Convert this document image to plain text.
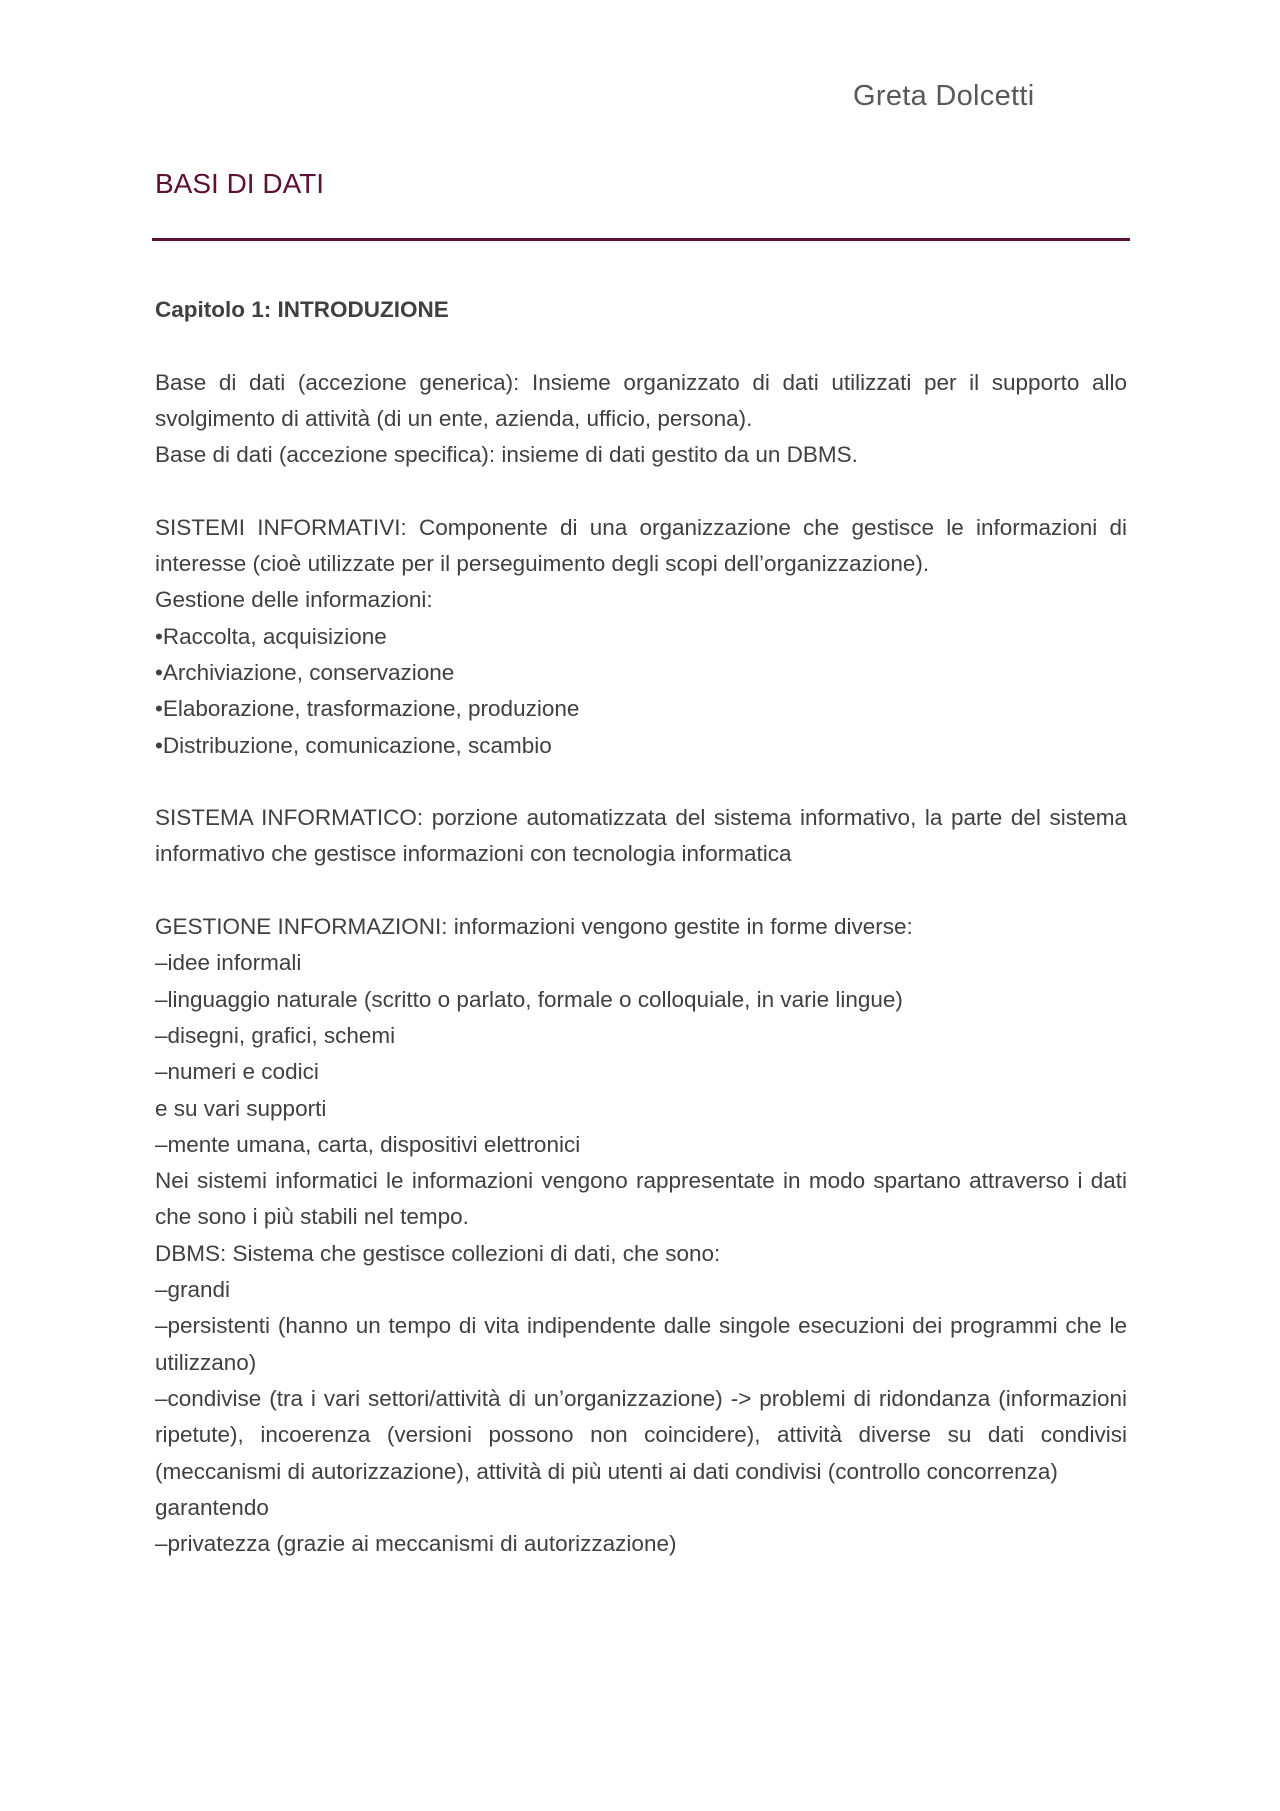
Greta Dolcetti
BASI DI DATI

Capitolo 1: INTRODUZIONE

Base di dati (accezione generica): Insieme organizzato di dati utilizzati per il supporto allo svolgimento di attività (di un ente, azienda, ufficio, persona).

Base di dati (accezione specifica): insieme di dati gestito da un DBMS.

SISTEMI INFORMATIVI: Componente di una organizzazione che gestisce le informazioni di interesse (cioè utilizzate per il perseguimento degli scopi dell’organizzazione).

Gestione delle informazioni:

•Raccolta, acquisizione

•Archiviazione, conservazione

•Elaborazione, trasformazione, produzione

•Distribuzione, comunicazione, scambio

SISTEMA INFORMATICO: porzione automatizzata del sistema informativo, la parte del sistema informativo che gestisce informazioni con tecnologia informatica

GESTIONE INFORMAZIONI: informazioni vengono gestite in forme diverse:

–idee informali

–linguaggio naturale (scritto o parlato, formale o colloquiale, in varie lingue)

–disegni, grafici, schemi

–numeri e codici

e su vari supporti

–mente umana, carta, dispositivi elettronici

Nei sistemi informatici le informazioni vengono rappresentate in modo spartano attraverso i dati che sono i più stabili nel tempo.

DBMS: Sistema che gestisce collezioni di dati, che sono:

–grandi

–persistenti (hanno un tempo di vita indipendente dalle singole esecuzioni dei programmi che le utilizzano)

–condivise (tra i vari settori/attività di un’organizzazione) -> problemi di ridondanza (informazioni ripetute), incoerenza (versioni possono non coincidere), attività diverse su dati condivisi (meccanismi di autorizzazione), attività di più utenti ai dati condivisi (controllo concorrenza)

garantendo

–privatezza (grazie ai meccanismi di autorizzazione)
